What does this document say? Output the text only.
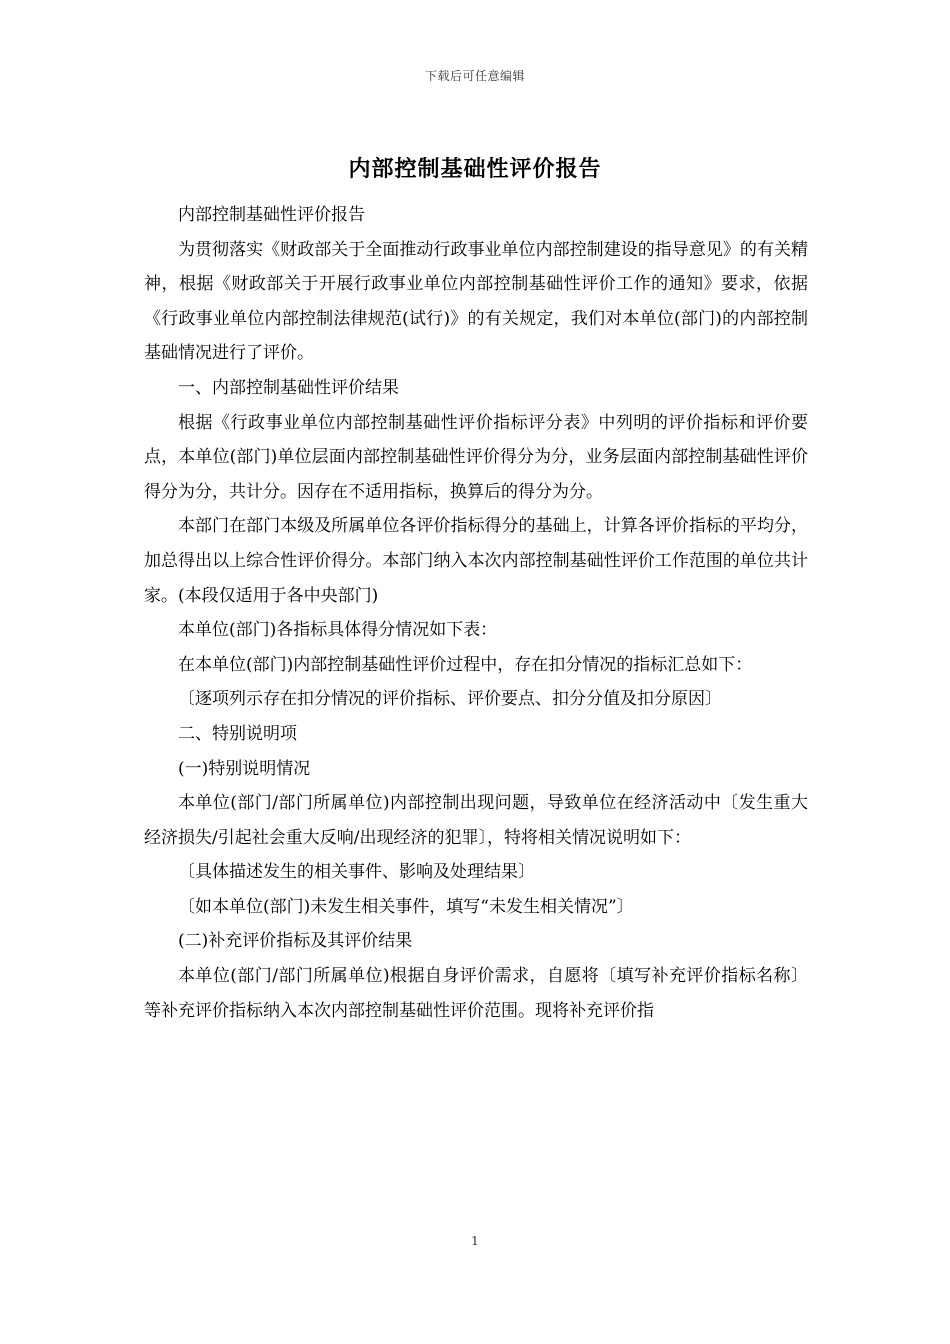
下载后可任意编辑
内部控制基础性评价报告

内部控制基础性评价报告

为贯彻落实《财政部关于全面推动行政事业单位内部控制建设的指导意见》的有关精神，根据《财政部关于开展行政事业单位内部控制基础性评价工作的通知》要求，依据《行政事业单位内部控制法律规范(试行)》的有关规定，我们对本单位(部门)的内部控制基础情况进行了评价。

一、内部控制基础性评价结果

根据《行政事业单位内部控制基础性评价指标评分表》中列明的评价指标和评价要点，本单位(部门)单位层面内部控制基础性评价得分为分，业务层面内部控制基础性评价得分为分，共计分。因存在不适用指标，换算后的得分为分。

本部门在部门本级及所属单位各评价指标得分的基础上，计算各评价指标的平均分，加总得出以上综合性评价得分。本部门纳入本次内部控制基础性评价工作范围的单位共计家。(本段仅适用于各中央部门)

本单位(部门)各指标具体得分情况如下表：

在本单位(部门)内部控制基础性评价过程中，存在扣分情况的指标汇总如下：

〔逐项列示存在扣分情况的评价指标、评价要点、扣分分值及扣分原因〕

二、特别说明项

(一)特别说明情况

本单位(部门/部门所属单位)内部控制出现问题，导致单位在经济活动中〔发生重大经济损失/引起社会重大反响/出现经济的犯罪〕，特将相关情况说明如下：

〔具体描述发生的相关事件、影响及处理结果〕

〔如本单位(部门)未发生相关事件，填写“未发生相关情况”〕

(二)补充评价指标及其评价结果

本单位(部门/部门所属单位)根据自身评价需求，自愿将〔填写补充评价指标名称〕等补充评价指标纳入本次内部控制基础性评价范围。现将补充评价指

1
